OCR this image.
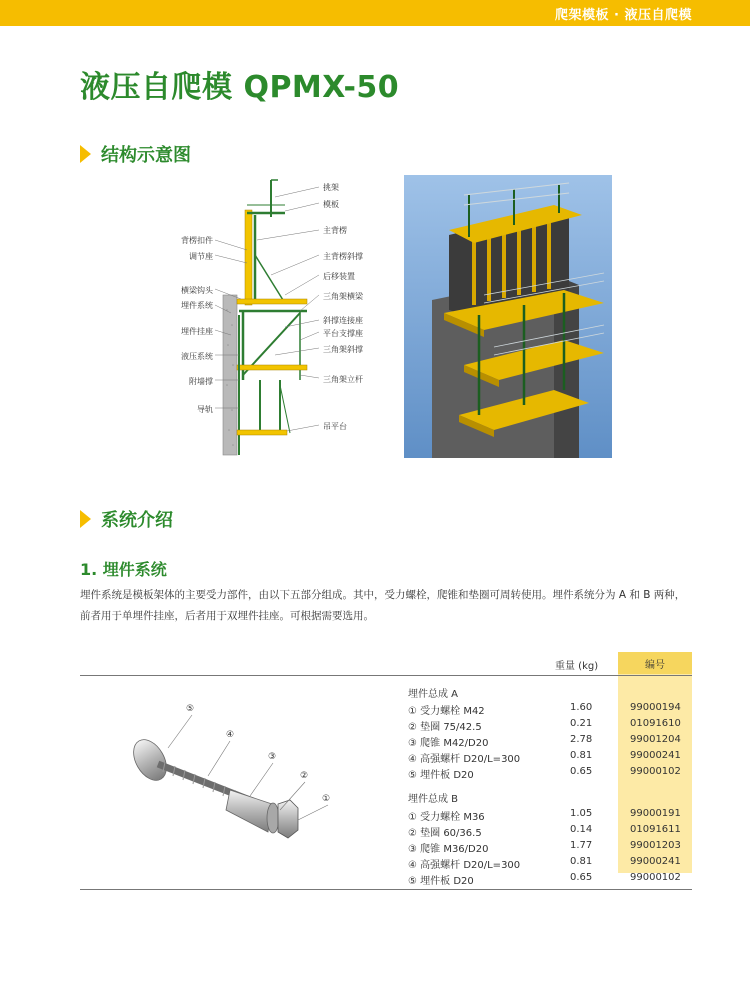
爬架模板 · 液压自爬模
液压自爬模 QPMX-50
结构示意图
背楞扣件
调节座
横梁钩头
埋件系统
埋件挂座
液压系统
附墙撑
导轨
挑架
模板
主背楞
主背楞斜撑
后移装置
三角架横梁
斜撑连接座
平台支撑座
三角架斜撑
三角架立杆
吊平台
系统介绍
1. 埋件系统
埋件系统是模板架体的主要受力部件，由以下五部分组成。其中，受力螺栓，爬锥和垫圈可周转使用。埋件系统分为 A 和 B 两种，前者用于单埋件挂座，后者用于双埋件挂座。可根据需要选用。
编号
重量 (kg)
埋件总成 A
① 受力螺栓 M42	1.60	99000194
② 垫圈 75/42.5	0.21	01091610
③ 爬锥 M42/D20	2.78	99001204
④ 高强螺杆 D20/L=300	0.81	99000241
⑤ 埋件板 D20	0.65	99000102
埋件总成 B
① 受力螺栓 M36	1.05	99000191
② 垫圈 60/36.5	0.14	01091611
③ 爬锥 M36/D20	1.77	99001203
④ 高强螺杆 D20/L=300	0.81	99000241
⑤ 埋件板 D20	0.65	99000102
⑤
④
③
②
①
